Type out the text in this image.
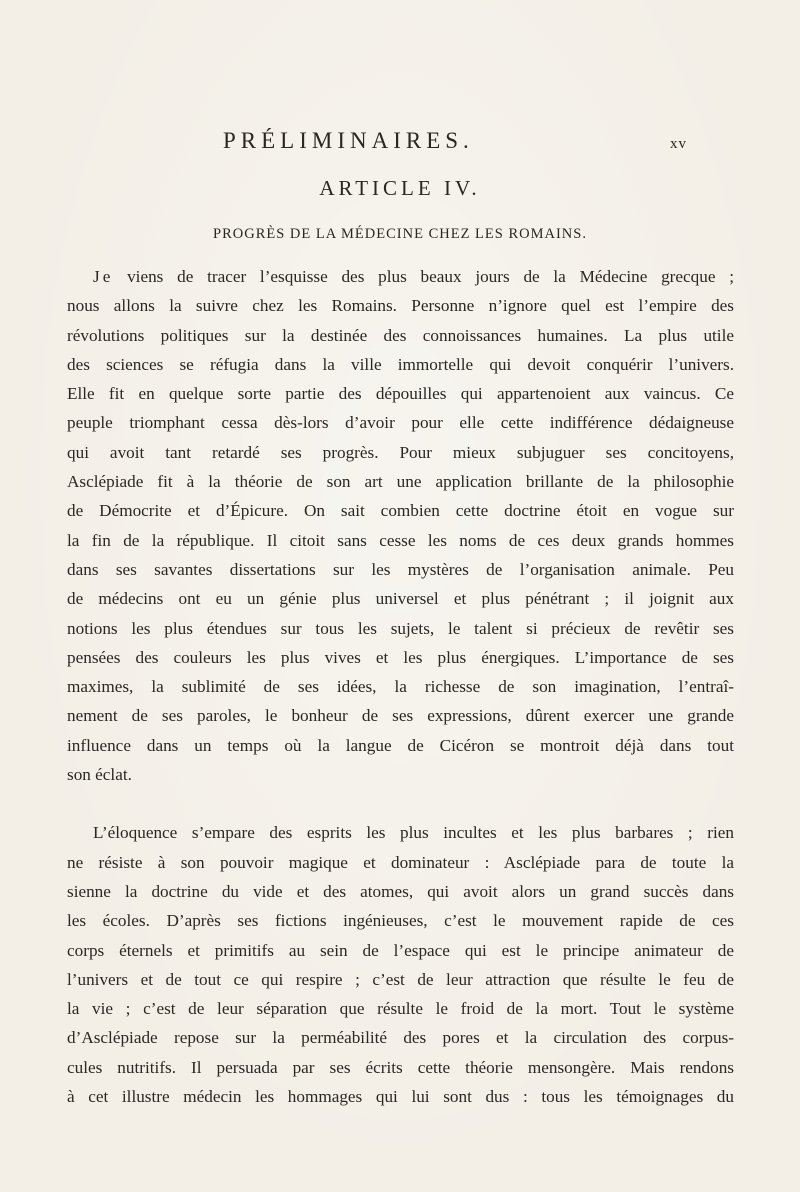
PRÉLIMINAIRES.	xv
ARTICLE IV.
PROGRÈS DE LA MÉDECINE CHEZ LES ROMAINS.
Je viens de tracer l’esquisse des plus beaux jours de la Médecine grecque ;
nous allons la suivre chez les Romains. Personne n’ignore quel est l’empire des
révolutions politiques sur la destinée des connoissances humaines. La plus utile
des sciences se réfugia dans la ville immortelle qui devoit conquérir l’univers.
Elle fit en quelque sorte partie des dépouilles qui appartenoient aux vaincus. Ce
peuple triomphant cessa dès-lors d’avoir pour elle cette indifférence dédaigneuse
qui avoit tant retardé ses progrès. Pour mieux subjuguer ses concitoyens,
Asclépiade fit à la théorie de son art une application brillante de la philosophie
de Démocrite et d’Épicure. On sait combien cette doctrine étoit en vogue sur
la fin de la république. Il citoit sans cesse les noms de ces deux grands hommes
dans ses savantes dissertations sur les mystères de l’organisation animale. Peu
de médecins ont eu un génie plus universel et plus pénétrant ; il joignit aux
notions les plus étendues sur tous les sujets, le talent si précieux de revêtir ses
pensées des couleurs les plus vives et les plus énergiques. L’importance de ses
maximes, la sublimité de ses idées, la richesse de son imagination, l’entraî-
nement de ses paroles, le bonheur de ses expressions, dûrent exercer une grande
influence dans un temps où la langue de Cicéron se montroit déjà dans tout
son éclat.
L’éloquence s’empare des esprits les plus incultes et les plus barbares ; rien
ne résiste à son pouvoir magique et dominateur : Asclépiade para de toute la
sienne la doctrine du vide et des atomes, qui avoit alors un grand succès dans
les écoles. D’après ses fictions ingénieuses, c’est le mouvement rapide de ces
corps éternels et primitifs au sein de l’espace qui est le principe animateur de
l’univers et de tout ce qui respire ; c’est de leur attraction que résulte le feu de
la vie ; c’est de leur séparation que résulte le froid de la mort. Tout le système
d’Asclépiade repose sur la perméabilité des pores et la circulation des corpus-
cules nutritifs. Il persuada par ses écrits cette théorie mensongère. Mais rendons
à cet illustre médecin les hommages qui lui sont dus : tous les témoignages du
